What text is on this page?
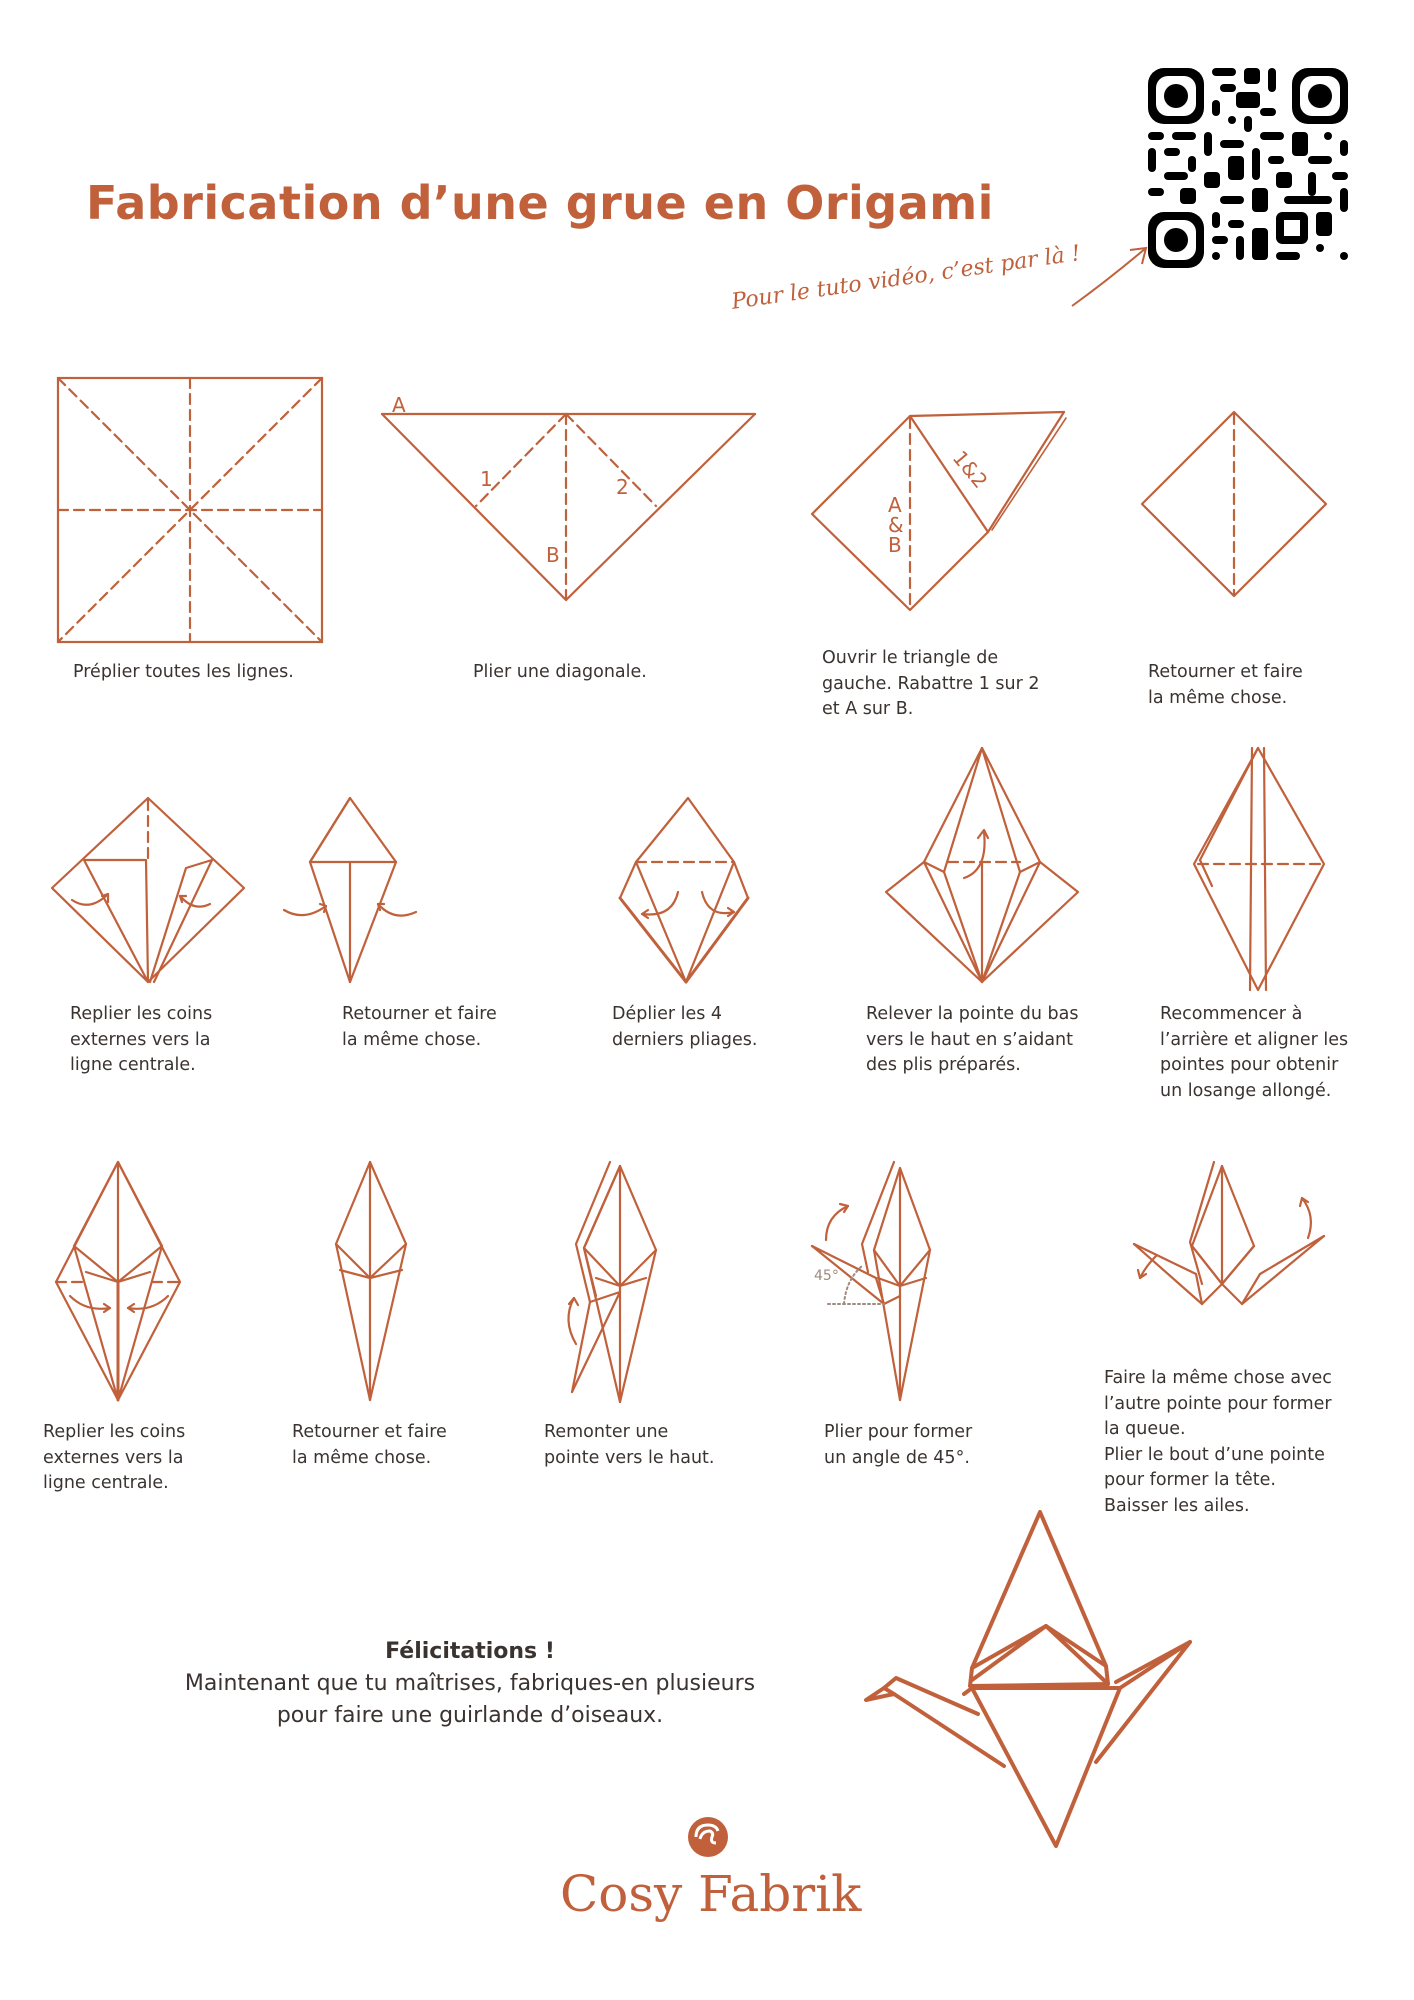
Fabrication d’une grue en Origami
Pour le tuto vidéo, c’est par là !
Préplier toutes les lignes.
A
1	2
B
Plier une diagonale.
A
&
B
1&2
Ouvrir le triangle de
gauche. Rabattre 1 sur 2
et A sur B.
Retourner et faire
la même chose.
Replier les coins
externes vers la
ligne centrale.
Retourner et faire
la même chose.
Déplier les 4
derniers pliages.
Relever la pointe du bas
vers le haut en s’aidant
des plis préparés.
Recommencer à
l’arrière et aligner les
pointes pour obtenir
un losange allongé.
Replier les coins
externes vers la
ligne centrale.
Retourner et faire
la même chose.
Remonter une
pointe vers le haut.
45°
Plier pour former
un angle de 45°.
Faire la même chose avec
l’autre pointe pour former
la queue.
Plier le bout d’une pointe
pour former la tête.
Baisser les ailes.
Félicitations !
Maintenant que tu maîtrises, fabriques-en plusieurs
pour faire une guirlande d’oiseaux.
Cosy Fabrik
